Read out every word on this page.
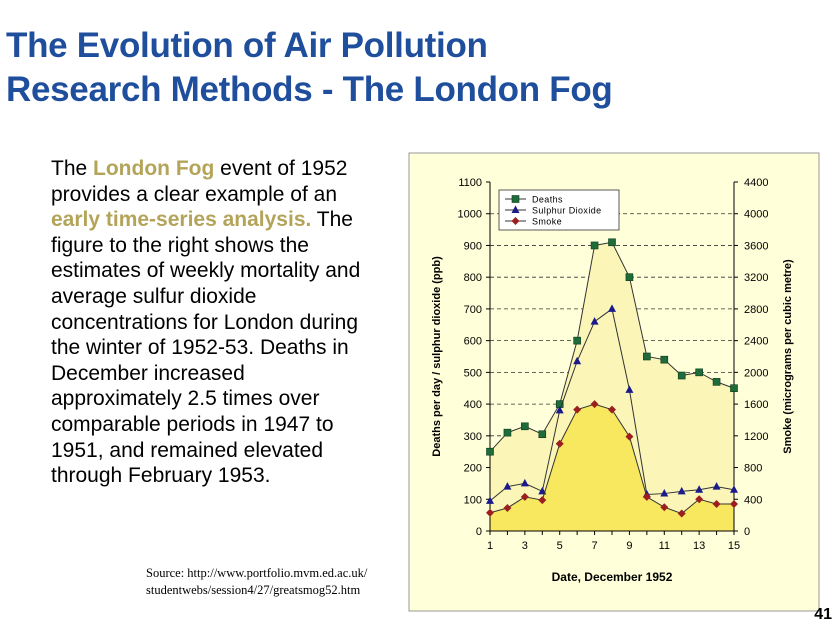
The Evolution of Air Pollution
Research Methods - The London Fog

The London Fog event of 1952 provides a clear example of an early time-series analysis. The figure to the right shows the estimates of weekly mortality and average sulfur dioxide concentrations for London during the winter of 1952-53. Deaths in December increased approximately 2.5 times over comparable periods in 1947 to 1951, and remained elevated through February 1953.

0
100
200
300
400
500
600
700
800
900
1000
1100
0
400
800
1200
1600
2000
2400
2800
3200
3600
4000
4400
1	3	5	7	9 11 13 15
Date, December 1952
Deaths per day / sulphur dioxide (ppb)	Smoke (micrograms per cubic metre)
Deaths
Sulphur Dioxide
Smoke
Source: http://www.portfolio.mvm.ed.ac.uk/
studentwebs/session4/27/greatsmog52.htm
41
